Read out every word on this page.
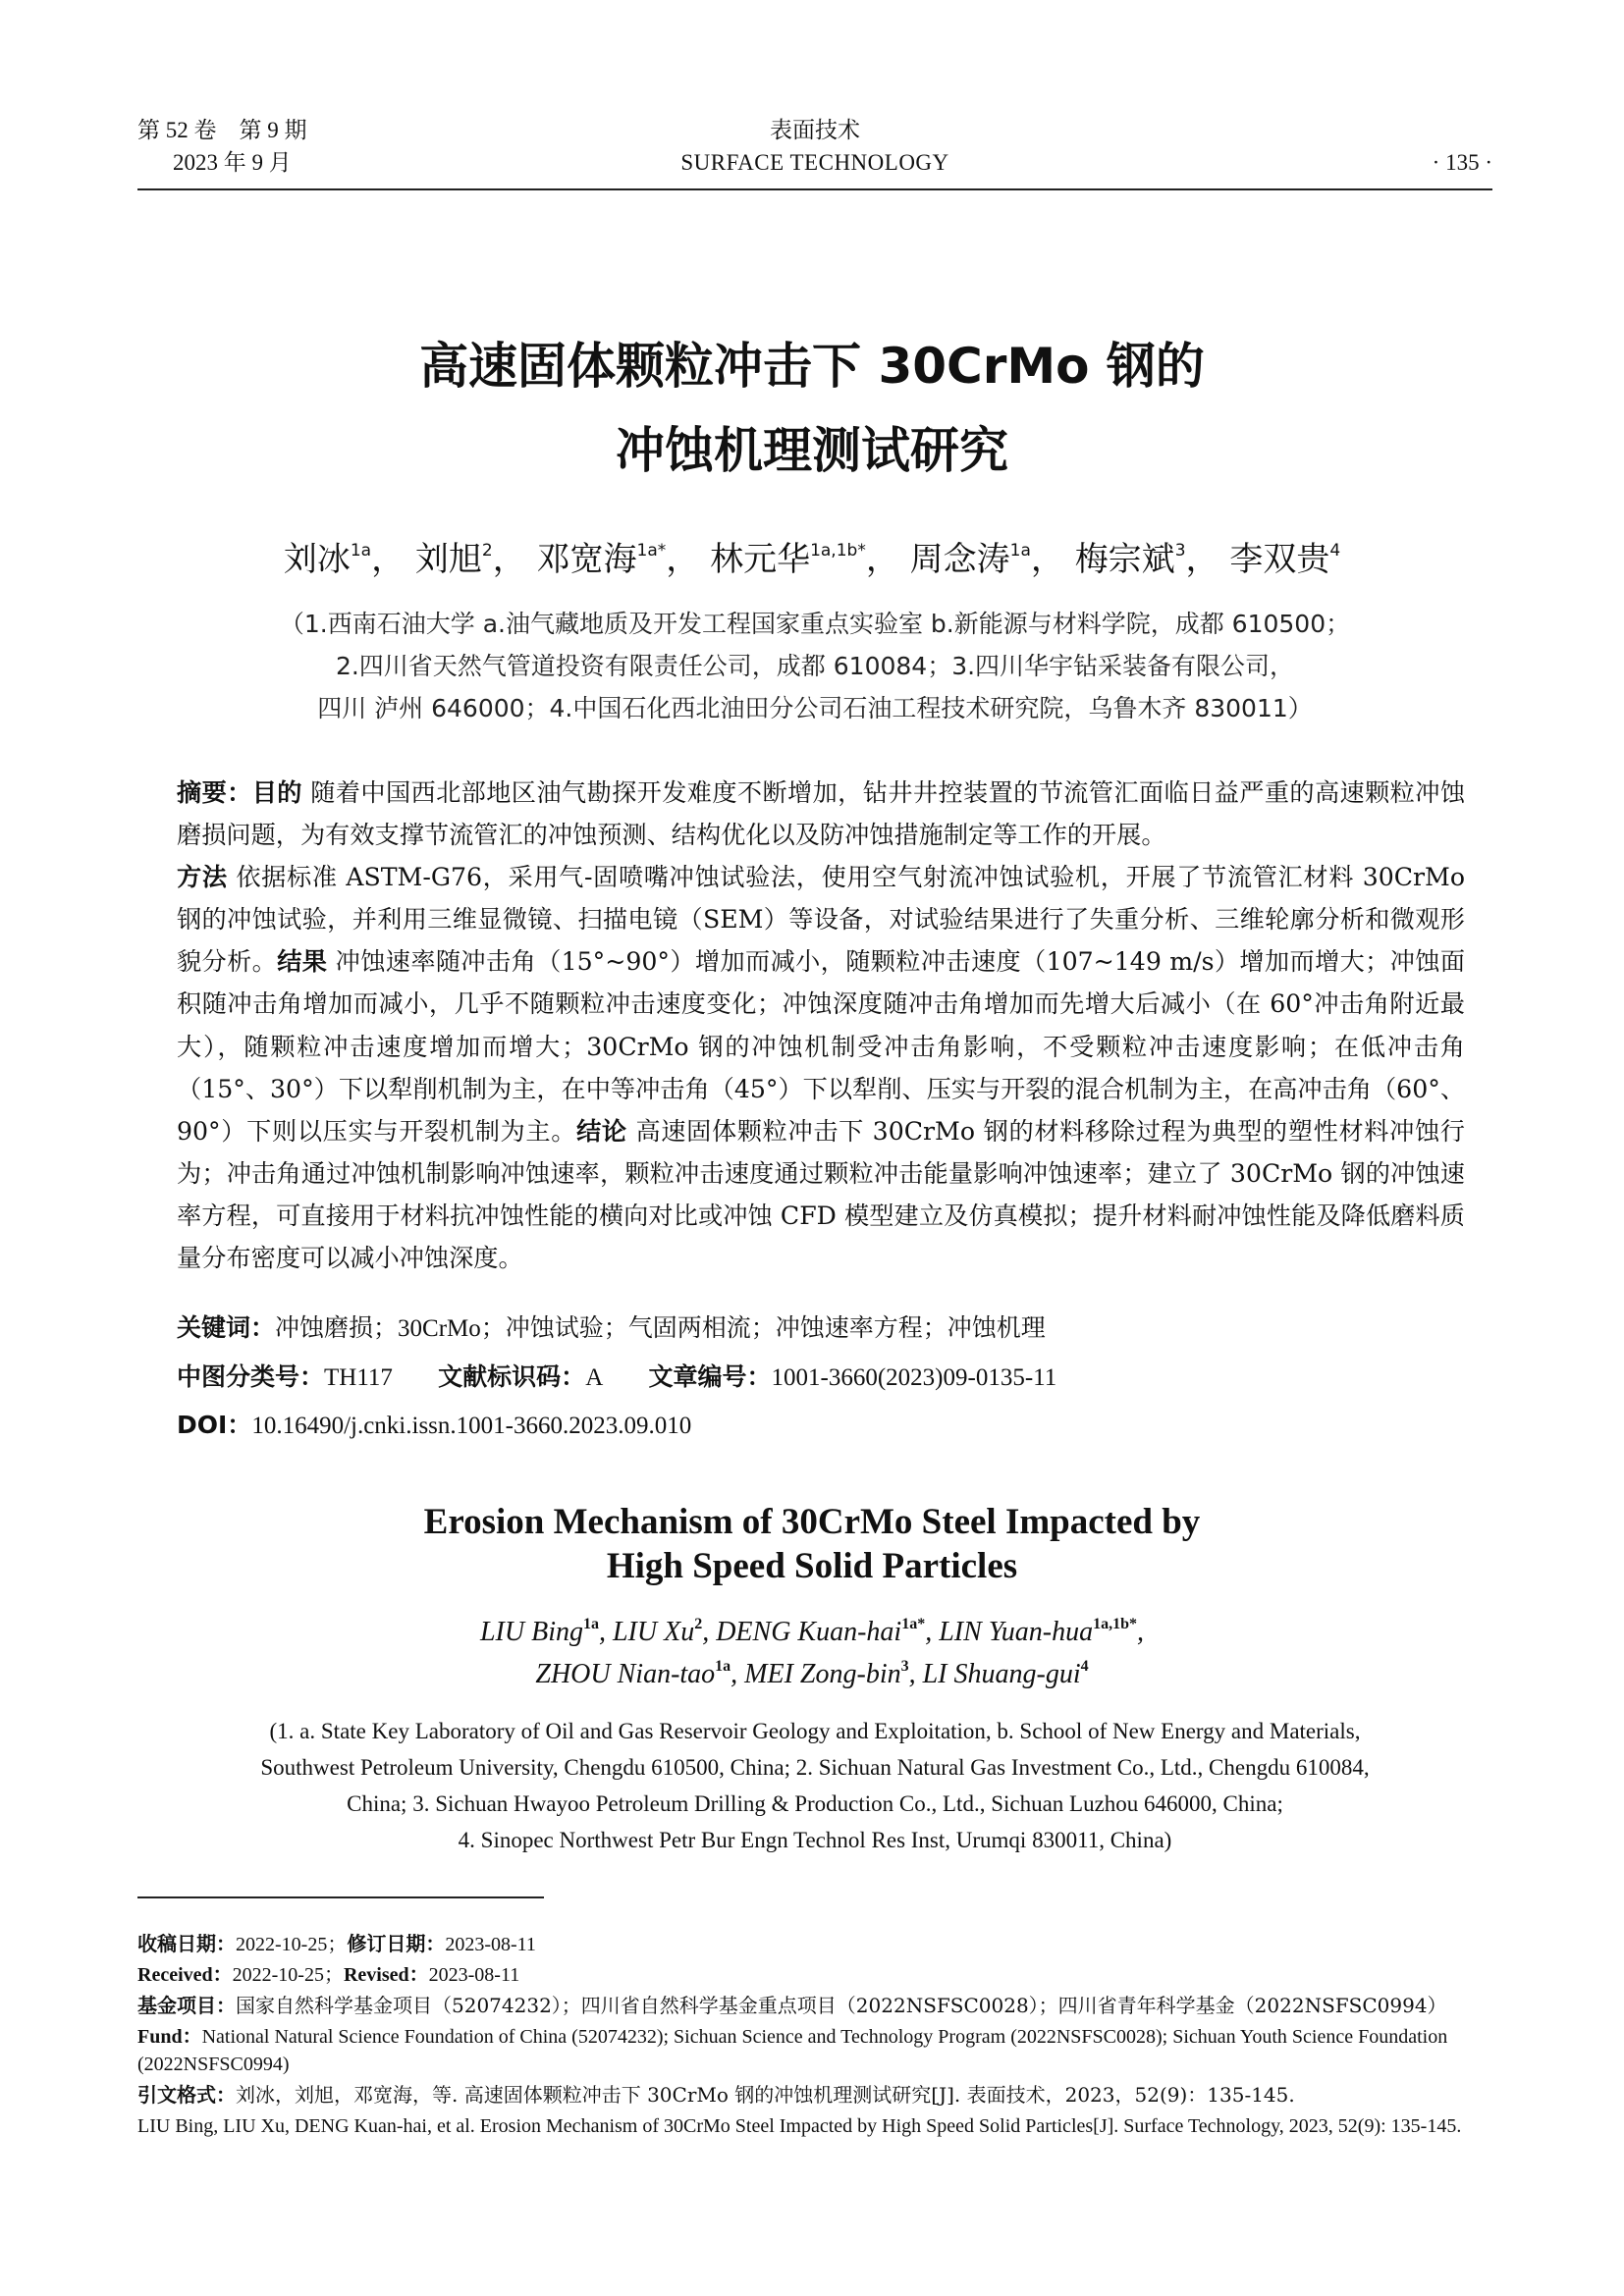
第 52 卷　第 9 期
2023 年 9 月
表面技术
SURFACE TECHNOLOGY	· 135 ·
高速固体颗粒冲击下 30CrMo 钢的
冲蚀机理测试研究
刘冰$^{1a}$， 刘旭$^2$， 邓宽海$^{1a*}$， 林元华$^{1a,1b*}$， 周念涛$^{1a}$， 梅宗斌$^3$， 李双贵$^4$
（1.西南石油大学 a.油气藏地质及开发工程国家重点实验室 b.新能源与材料学院，成都 610500；
2.四川省天然气管道投资有限责任公司，成都 610084；3.四川华宇钻采装备有限公司，
四川 泸州 646000；4.中国石化西北油田分公司石油工程技术研究院，乌鲁木齐 830011）
摘要：目的 随着中国西北部地区油气勘探开发难度不断增加，钻井井控装置的节流管汇面临日益严重的高速颗粒冲蚀磨损问题，为有效支撑节流管汇的冲蚀预测、结构优化以及防冲蚀措施制定等工作的开展。
方法 依据标准 ASTM-G76，采用气-固喷嘴冲蚀试验法，使用空气射流冲蚀试验机，开展了节流管汇材料 30CrMo 钢的冲蚀试验，并利用三维显微镜、扫描电镜（SEM）等设备，对试验结果进行了失重分析、三维轮廓分析和微观形貌分析。结果 冲蚀速率随冲击角（15°~90°）增加而减小，随颗粒冲击速度（107~149 m/s）增加而增大；冲蚀面积随冲击角增加而减小，几乎不随颗粒冲击速度变化；冲蚀深度随冲击角增加而先增大后减小（在 60°冲击角附近最大），随颗粒冲击速度增加而增大；30CrMo 钢的冲蚀机制受冲击角影响，不受颗粒冲击速度影响；在低冲击角（15°、30°）下以犁削机制为主，在中等冲击角（45°）下以犁削、压实与开裂的混合机制为主，在高冲击角（60°、90°）下则以压实与开裂机制为主。结论 高速固体颗粒冲击下 30CrMo 钢的材料移除过程为典型的塑性材料冲蚀行为；冲击角通过冲蚀机制影响冲蚀速率，颗粒冲击速度通过颗粒冲击能量影响冲蚀速率；建立了 30CrMo 钢的冲蚀速率方程，可直接用于材料抗冲蚀性能的横向对比或冲蚀 CFD 模型建立及仿真模拟；提升材料耐冲蚀性能及降低磨料质量分布密度可以减小冲蚀深度。
关键词：冲蚀磨损；30CrMo；冲蚀试验；气固两相流；冲蚀速率方程；冲蚀机理
中图分类号：TH117 文献标识码：A 文章编号：1001-3660(2023)09-0135-11
DOI：10.16490/j.cnki.issn.1001-3660.2023.09.010
Erosion Mechanism of 30CrMo Steel Impacted by
High Speed Solid Particles
LIU Bing$^{1a}$, LIU Xu$^2$, DENG Kuan-hai$^{1a*}$, LIN Yuan-hua$^{1a,1b*}$,
ZHOU Nian-tao$^{1a}$, MEI Zong-bin$^3$, LI Shuang-gui$^4$
(1. a. State Key Laboratory of Oil and Gas Reservoir Geology and Exploitation, b. School of New Energy and Materials,
Southwest Petroleum University, Chengdu 610500, China; 2. Sichuan Natural Gas Investment Co., Ltd., Chengdu 610084,
China; 3. Sichuan Hwayoo Petroleum Drilling & Production Co., Ltd., Sichuan Luzhou 646000, China;
4. Sinopec Northwest Petr Bur Engn Technol Res Inst, Urumqi 830011, China)
收稿日期：2022-10-25；修订日期：2023-08-11
Received：2022-10-25；Revised：2023-08-11
基金项目：国家自然科学基金项目（52074232）；四川省自然科学基金重点项目（2022NSFSC0028）；四川省青年科学基金（2022NSFSC0994）
Fund：National Natural Science Foundation of China (52074232); Sichuan Science and Technology Program (2022NSFSC0028); Sichuan Youth Science Foundation (2022NSFSC0994)
引文格式：刘冰，刘旭，邓宽海，等. 高速固体颗粒冲击下 30CrMo 钢的冲蚀机理测试研究[J]. 表面技术，2023，52(9)：135-145.
LIU Bing, LIU Xu, DENG Kuan-hai, et al. Erosion Mechanism of 30CrMo Steel Impacted by High Speed Solid Particles[J]. Surface Technology, 2023, 52(9): 135-145.
